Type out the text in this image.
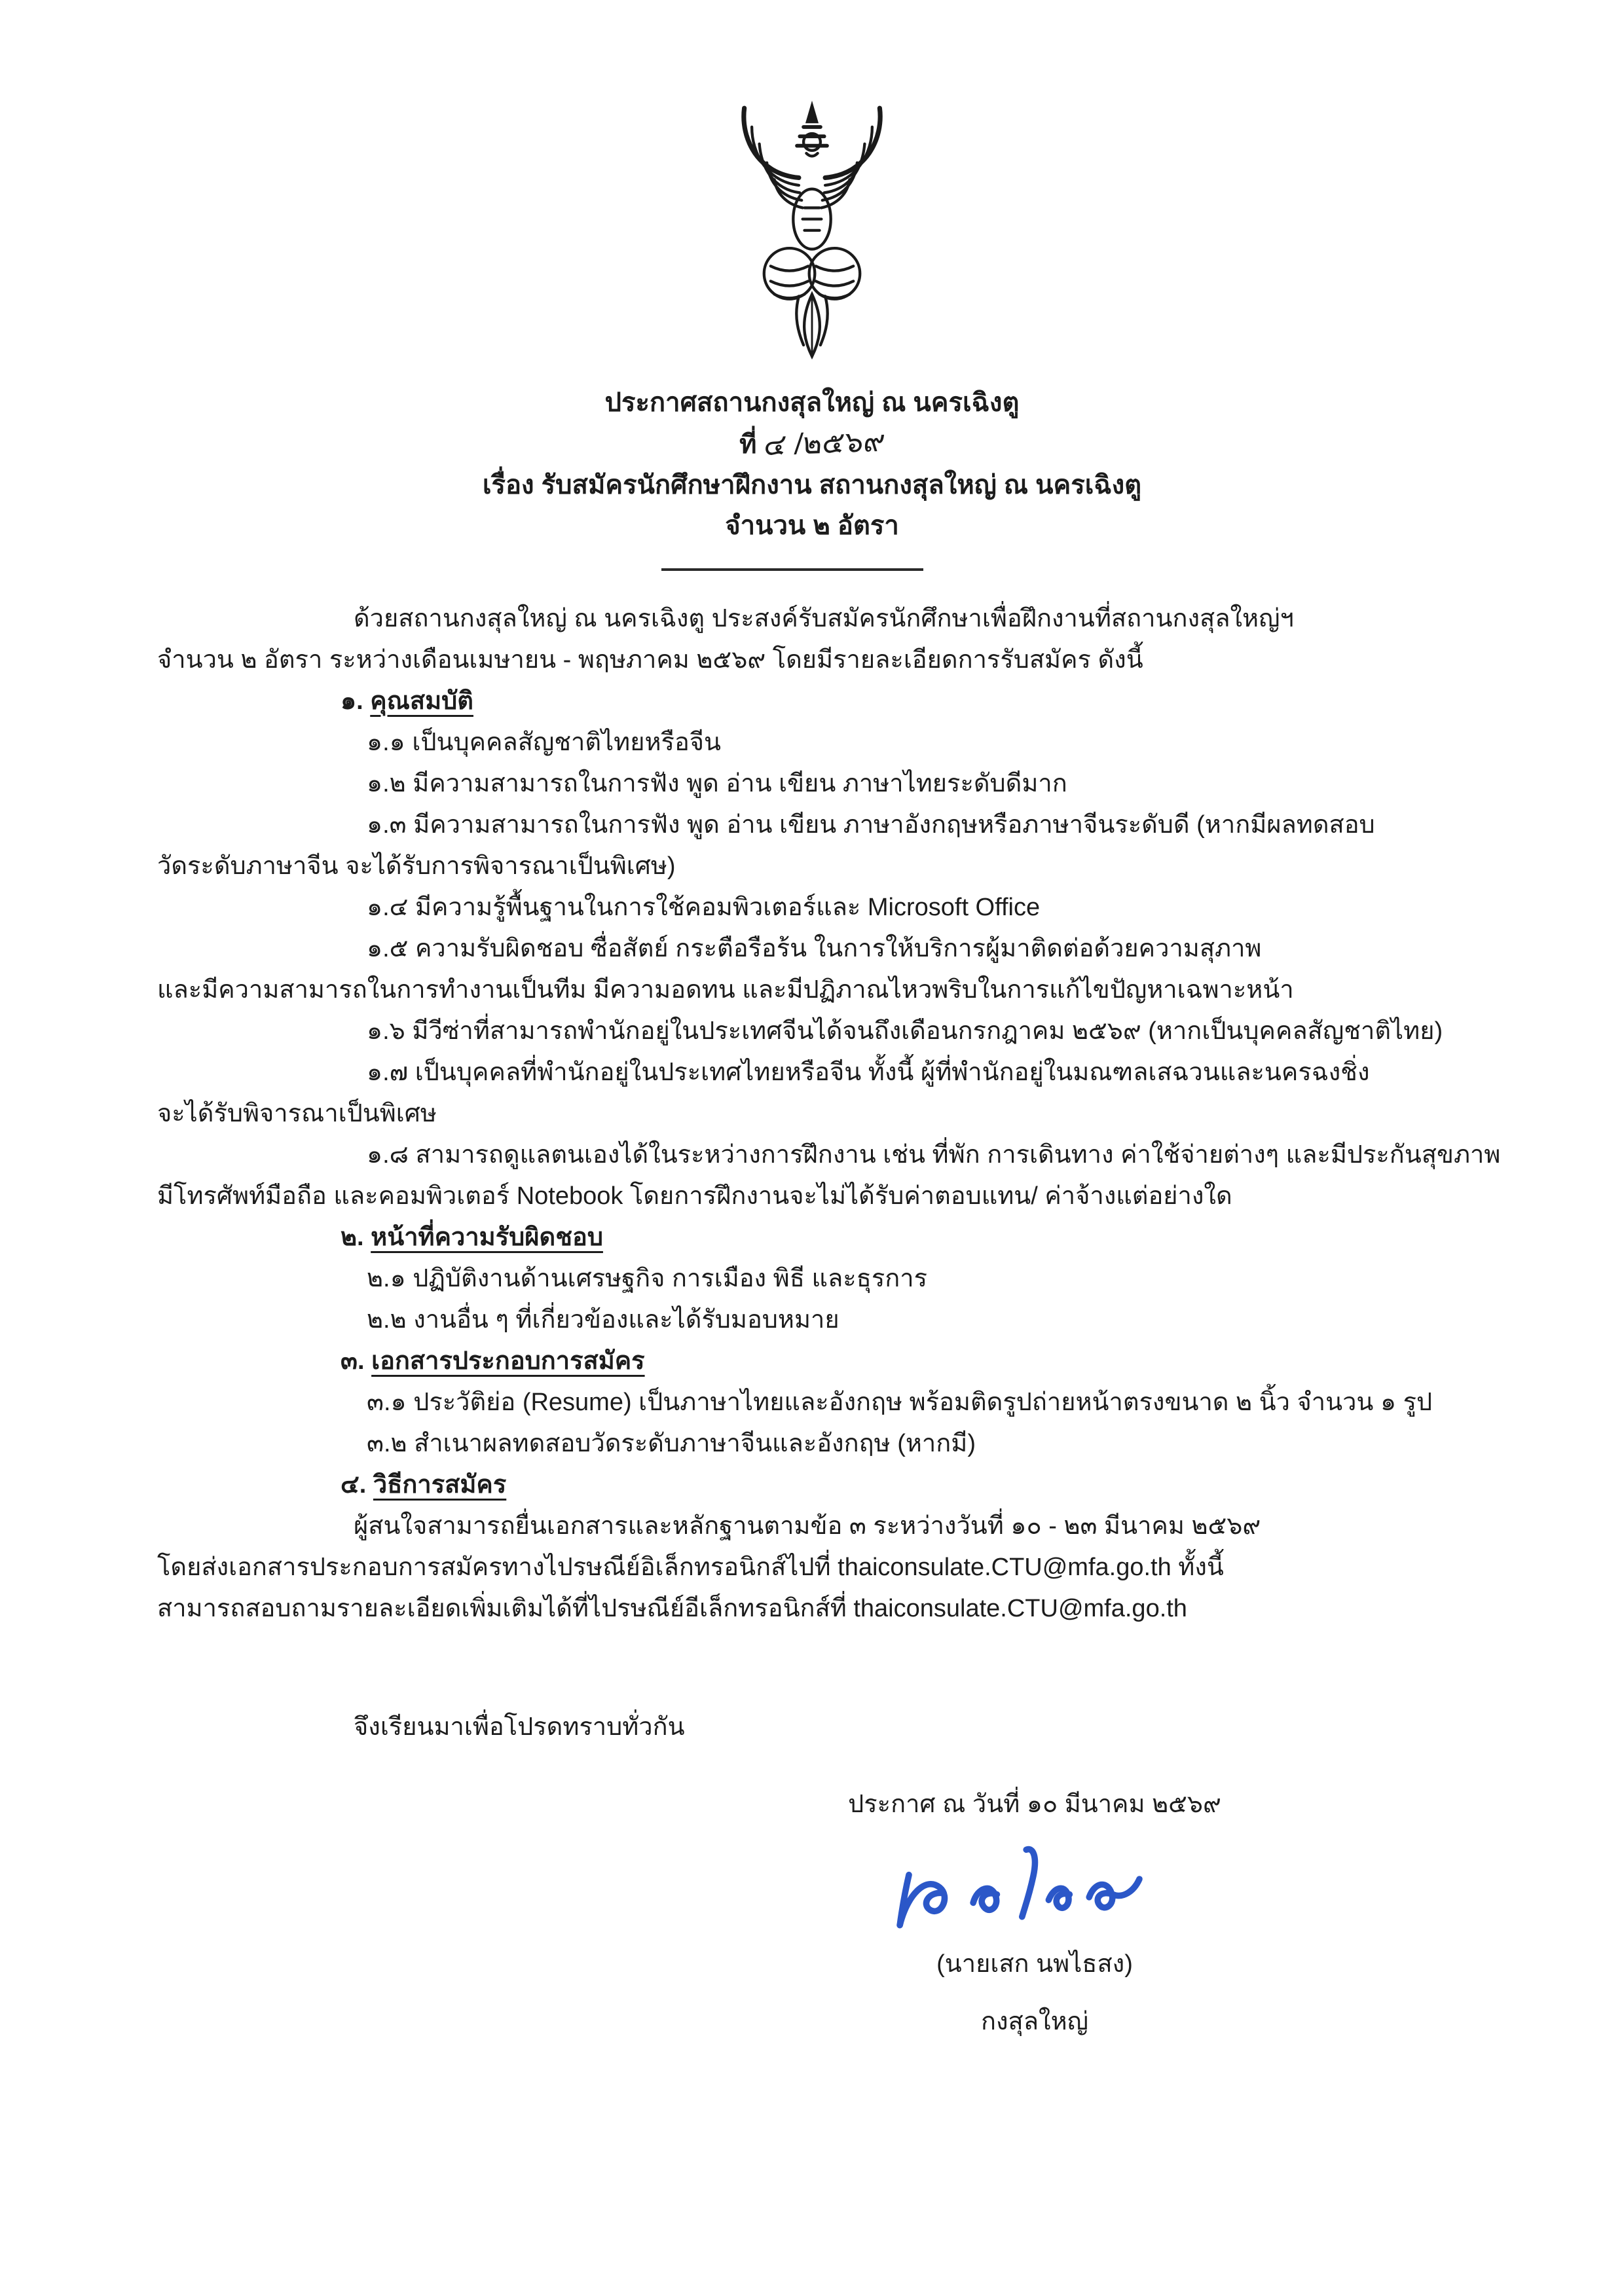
ประกาศสถานกงสุลใหญ่ ณ นครเฉิงตู
ที่ ๔ /๒๕๖๙
เรื่อง รับสมัครนักศึกษาฝึกงาน สถานกงสุลใหญ่ ณ นครเฉิงตู
จำนวน ๒ อัตรา
ด้วยสถานกงสุลใหญ่ ณ นครเฉิงตู ประสงค์รับสมัครนักศึกษาเพื่อฝึกงานที่สถานกงสุลใหญ่ฯ
จำนวน ๒ อัตรา ระหว่างเดือนเมษายน - พฤษภาคม ๒๕๖๙ โดยมีรายละเอียดการรับสมัคร ดังนี้
๑. คุณสมบัติ
๑.๑ เป็นบุคคลสัญชาติไทยหรือจีน
๑.๒ มีความสามารถในการฟัง พูด อ่าน เขียน ภาษาไทยระดับดีมาก
๑.๓ มีความสามารถในการฟัง พูด อ่าน เขียน ภาษาอังกฤษหรือภาษาจีนระดับดี (หากมีผลทดสอบ
วัดระดับภาษาจีน จะได้รับการพิจารณาเป็นพิเศษ)
๑.๔ มีความรู้พื้นฐานในการใช้คอมพิวเตอร์และ Microsoft Office
๑.๕ ความรับผิดชอบ ซื่อสัตย์ กระตือรือร้น ในการให้บริการผู้มาติดต่อด้วยความสุภาพ
และมีความสามารถในการทำงานเป็นทีม มีความอดทน และมีปฏิภาณไหวพริบในการแก้ไขปัญหาเฉพาะหน้า
๑.๖ มีวีซ่าที่สามารถพำนักอยู่ในประเทศจีนได้จนถึงเดือนกรกฎาคม ๒๕๖๙ (หากเป็นบุคคลสัญชาติไทย)
๑.๗ เป็นบุคคลที่พำนักอยู่ในประเทศไทยหรือจีน ทั้งนี้ ผู้ที่พำนักอยู่ในมณฑลเสฉวนและนครฉงชิ่ง
จะได้รับพิจารณาเป็นพิเศษ
๑.๘ สามารถดูแลตนเองได้ในระหว่างการฝึกงาน เช่น ที่พัก การเดินทาง ค่าใช้จ่ายต่างๆ และมีประกันสุขภาพ
มีโทรศัพท์มือถือ และคอมพิวเตอร์ Notebook โดยการฝึกงานจะไม่ได้รับค่าตอบแทน/ ค่าจ้างแต่อย่างใด
๒. หน้าที่ความรับผิดชอบ
๒.๑ ปฏิบัติงานด้านเศรษฐกิจ การเมือง พิธี และธุรการ
๒.๒ งานอื่น ๆ ที่เกี่ยวข้องและได้รับมอบหมาย
๓. เอกสารประกอบการสมัคร
๓.๑ ประวัติย่อ (Resume) เป็นภาษาไทยและอังกฤษ พร้อมติดรูปถ่ายหน้าตรงขนาด ๒ นิ้ว จำนวน ๑ รูป
๓.๒ สำเนาผลทดสอบวัดระดับภาษาจีนและอังกฤษ (หากมี)
๔. วิธีการสมัคร
ผู้สนใจสามารถยื่นเอกสารและหลักฐานตามข้อ ๓ ระหว่างวันที่ ๑๐ - ๒๓ มีนาคม ๒๕๖๙
โดยส่งเอกสารประกอบการสมัครทางไปรษณีย์อิเล็กทรอนิกส์ไปที่ thaiconsulate.CTU@mfa.go.th ทั้งนี้
สามารถสอบถามรายละเอียดเพิ่มเติมได้ที่ไปรษณีย์อีเล็กทรอนิกส์ที่ thaiconsulate.CTU@mfa.go.th
จึงเรียนมาเพื่อโปรดทราบทั่วกัน
ประกาศ ณ วันที่ ๑๐ มีนาคม ๒๕๖๙
(นายเสก นพไธสง)
กงสุลใหญ่
